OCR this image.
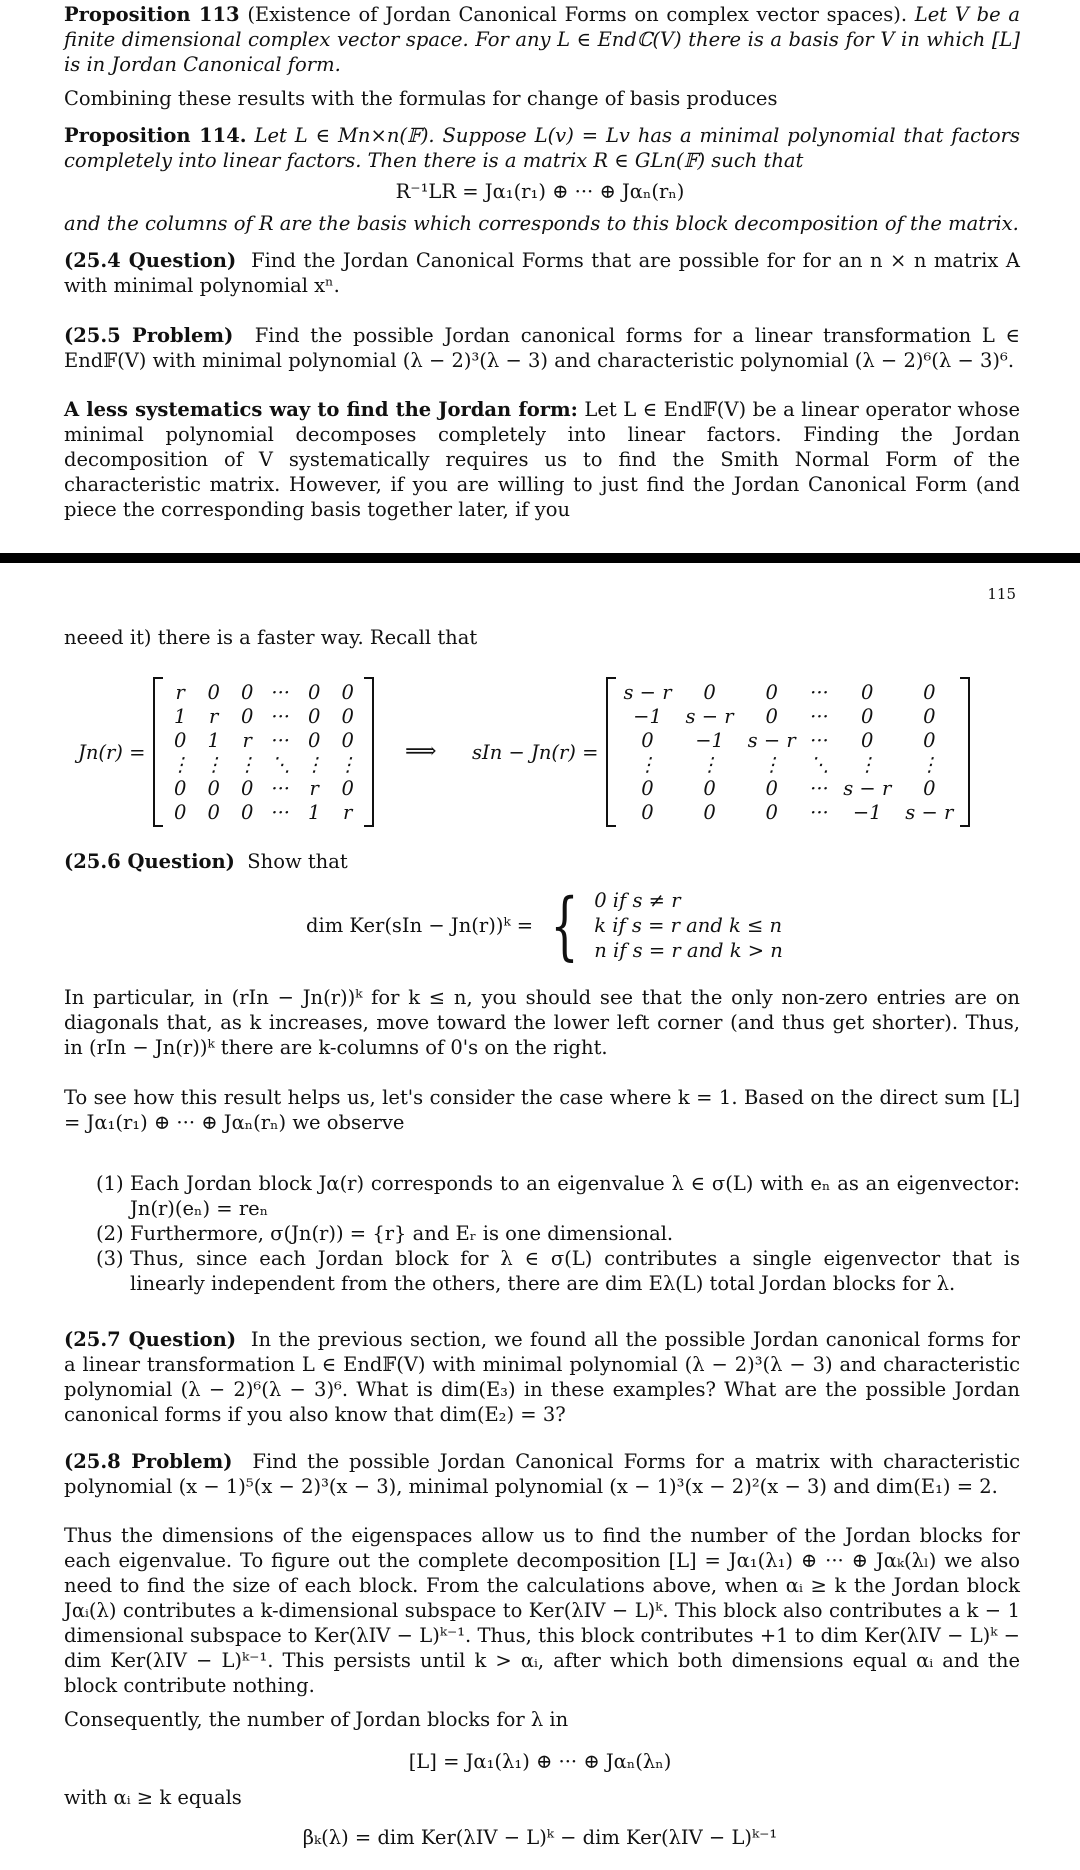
Proposition 113 (Existence of Jordan Canonical Forms on complex vector spaces). Let V be a finite dimensional complex vector space. For any L ∈ Endℂ(V) there is a basis for V in which [L] is in Jordan Canonical form.

Combining these results with the formulas for change of basis produces

Proposition 114. Let L ∈ Mn×n(𝔽). Suppose L(v) = Lv has a minimal polynomial that factors completely into linear factors. Then there is a matrix R ∈ GLn(𝔽) such that

R⁻¹LR = Jα₁(r₁) ⊕ ··· ⊕ Jαₙ(rₙ)

and the columns of R are the basis which corresponds to this block decomposition of the matrix.

(25.4 Question) Find the Jordan Canonical Forms that are possible for for an n × n matrix A with minimal polynomial xⁿ.

(25.5 Problem) Find the possible Jordan canonical forms for a linear transformation L ∈ End𝔽(V) with minimal polynomial (λ − 2)³(λ − 3) and characteristic polynomial (λ − 2)⁶(λ − 3)⁶.

A less systematics way to find the Jordan form: Let L ∈ End𝔽(V) be a linear operator whose minimal polynomial decomposes completely into linear factors. Finding the Jordan decomposition of V systematically requires us to find the Smith Normal Form of the characteristic matrix. However, if you are willing to just find the Jordan Canonical Form (and piece the corresponding basis together later, if you

115

neeed it) there is a faster way. Recall that

Jn(r) =
r	0	0	···	0	0
1	r	0	···	0	0
0	1	r	···	0	0
⋮	⋮	⋮	⋱	⋮	⋮
0	0	0	···	r	0
0	0	0	···	1	r
⟹ sIn − Jn(r) =
s − r	0	0	···	0	0
−1	s − r	0	···	0	0
0	−1	s − r	···	0	0
⋮	⋮	⋮	⋱	⋮	⋮
0	0	0	···	s − r	0
0	0	0	···	−1	s − r

(25.6 Question) Show that

dim Ker(sIn − Jn(r))ᵏ = { 0 if s ≠ r
k if s = r and k ≤ n
n if s = r and k > n

In particular, in (rIn − Jn(r))ᵏ for k ≤ n, you should see that the only non-zero entries are on diagonals that, as k increases, move toward the lower left corner (and thus get shorter). Thus, in (rIn − Jn(r))ᵏ there are k-columns of 0's on the right.

To see how this result helps us, let's consider the case where k = 1. Based on the direct sum [L] = Jα₁(r₁) ⊕ ··· ⊕ Jαₙ(rₙ) we observe

(1) Each Jordan block Jα(r) corresponds to an eigenvalue λ ∈ σ(L) with eₙ as an eigenvector: Jn(r)(eₙ) = reₙ
(2) Furthermore, σ(Jn(r)) = {r} and Eᵣ is one dimensional.
(3) Thus, since each Jordan block for λ ∈ σ(L) contributes a single eigenvector that is linearly independent from the others, there are dim Eλ(L) total Jordan blocks for λ.

(25.7 Question) In the previous section, we found all the possible Jordan canonical forms for a linear transformation L ∈ End𝔽(V) with minimal polynomial (λ − 2)³(λ − 3) and characteristic polynomial (λ − 2)⁶(λ − 3)⁶. What is dim(E₃) in these examples? What are the possible Jordan canonical forms if you also know that dim(E₂) = 3?

(25.8 Problem) Find the possible Jordan Canonical Forms for a matrix with characteristic polynomial (x − 1)⁵(x − 2)³(x − 3), minimal polynomial (x − 1)³(x − 2)²(x − 3) and dim(E₁) = 2.

Thus the dimensions of the eigenspaces allow us to find the number of the Jordan blocks for each eigenvalue. To figure out the complete decomposition [L] = Jα₁(λ₁) ⊕ ··· ⊕ Jαₖ(λₗ) we also need to find the size of each block. From the calculations above, when αᵢ ≥ k the Jordan block Jαᵢ(λ) contributes a k-dimensional subspace to Ker(λIV − L)ᵏ. This block also contributes a k − 1 dimensional subspace to Ker(λIV − L)ᵏ⁻¹. Thus, this block contributes +1 to dim Ker(λIV − L)ᵏ − dim Ker(λIV − L)ᵏ⁻¹. This persists until k > αᵢ, after which both dimensions equal αᵢ and the block contribute nothing.

Consequently, the number of Jordan blocks for λ in

[L] = Jα₁(λ₁) ⊕ ··· ⊕ Jαₙ(λₙ)

with αᵢ ≥ k equals

βₖ(λ) = dim Ker(λIV − L)ᵏ − dim Ker(λIV − L)ᵏ⁻¹
